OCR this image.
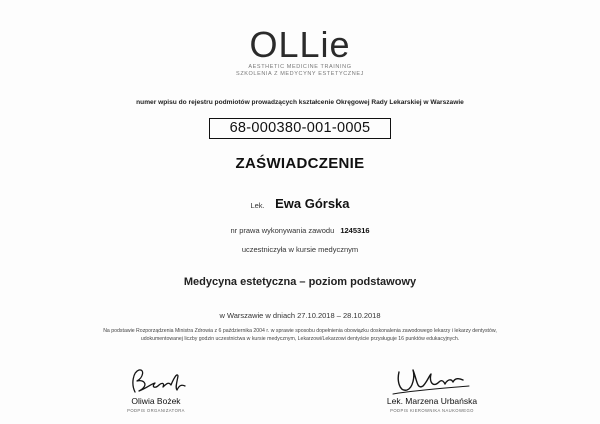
OLLie
AESTHETIC MEDICINE TRAINING
SZKOLENIA Z MEDYCYNY ESTETYCZNEJ
numer wpisu do rejestru podmiotów prowadzących kształcenie Okręgowej Rady Lekarskiej w Warszawie
68-000380-001-0005
ZAŚWIADCZENIE
Lek. Ewa Górska
nr prawa wykonywania zawodu 1245316
uczestniczyła w kursie medycznym
Medycyna estetyczna – poziom podstawowy
w Warszawie w dniach 27.10.2018 – 28.10.2018
Na podstawie Rozporządzenia Ministra Zdrowia z 6 października 2004 r. w sprawie sposobu dopełnienia obowiązku doskonalenia zawodowego lekarzy i lekarzy dentystów,
udokumentowanej liczby godzin uczestnictwa w kursie medycznym, Lekarzowi/Lekarzowi dentyście przysługuje 16 punktów edukacyjnych.
Oliwia Bożek
PODPIS ORGANIZATORA
Lek. Marzena Urbańska
PODPIS KIEROWNIKA NAUKOWEGO
